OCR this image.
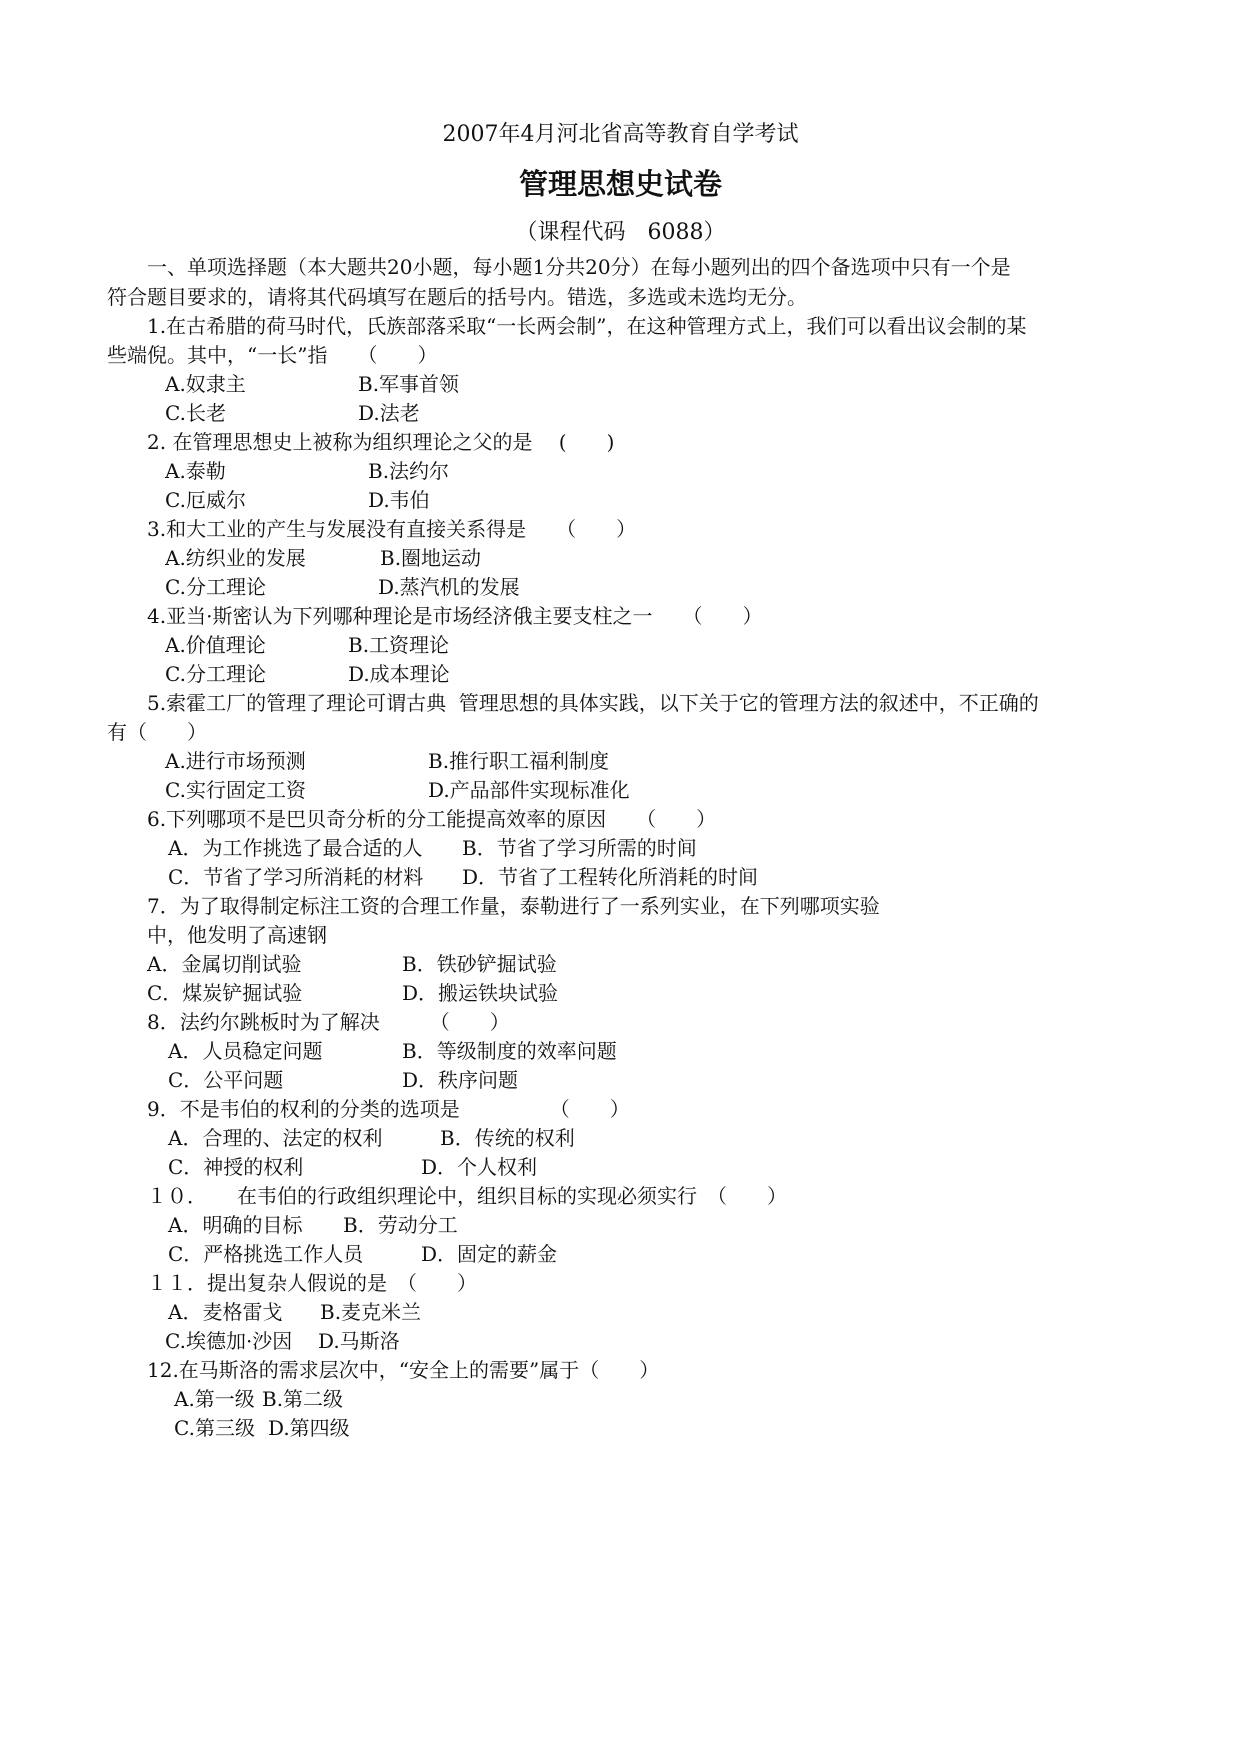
2007年4月河北省高等教育自学考试
管理思想史试卷
（课程代码　6088）
一、单项选择题（本大题共20小题，每小题1分共20分）在每小题列出的四个备选项中只有一个是
符合题目要求的，请将其代码填写在题后的括号内。错选，多选或未选均无分。
1.在古希腊的荷马时代，氏族部落采取“一长两会制”，在这种管理方式上，我们可以看出议会制的某
些端倪。其中，“一长”指　　（　　）
A.奴隶主	B.军事首领
C.长老	D.法老
2. 在管理思想史上被称为组织理论之父的是　 (　　)
A.泰勒	B.法约尔
C.厄威尔	D.韦伯
3.和大工业的产生与发展没有直接关系得是　　（　　）
A.纺织业的发展	B.圈地运动
C.分工理论	D.蒸汽机的发展
4.亚当·斯密认为下列哪种理论是市场经济俄主要支柱之一　　（　　）
A.价值理论	B.工资理论
C.分工理论	D.成本理论
5.索霍工厂的管理了理论可谓古典  管理思想的具体实践，以下关于它的管理方法的叙述中，不正确的
有（　　）
A.进行市场预测	B.推行职工福利制度
C.实行固定工资	D.产品部件实现标准化
6.下列哪项不是巴贝奇分析的分工能提高效率的原因　　（　　）
A．为工作挑选了最合适的人 B．节省了学习所需的时间
C．节省了学习所消耗的材料 D．节省了工程转化所消耗的时间
7．为了取得制定标注工资的合理工作量，泰勒进行了一系列实业，在下列哪项实验
中，他发明了高速钢
A．金属切削试验	B．铁砂铲掘试验
C．煤炭铲掘试验	D．搬运铁块试验
8．法约尔跳板时为了解决　　　（　　）
A．人员稳定问题	B．等级制度的效率问题
C．公平问题	D．秩序问题
9．不是韦伯的权利的分类的选项是　　　　　（　　）
A．合理的、法定的权利	B．传统的权利
C．神授的权利	D．个人权利
１０．　　在韦伯的行政组织理论中，组织目标的实现必须实行　（　　）
A．明确的目标 B．劳动分工
C．严格挑选工作人员	D．固定的薪金
１１．提出复杂人假说的是　（　　）
A．麦格雷戈 B.麦克米兰
C.埃德加·沙因 D.马斯洛
12.在马斯洛的需求层次中，“安全上的需要”属于（　　）
A.第一级 B.第二级
C.第三级 D.第四级
